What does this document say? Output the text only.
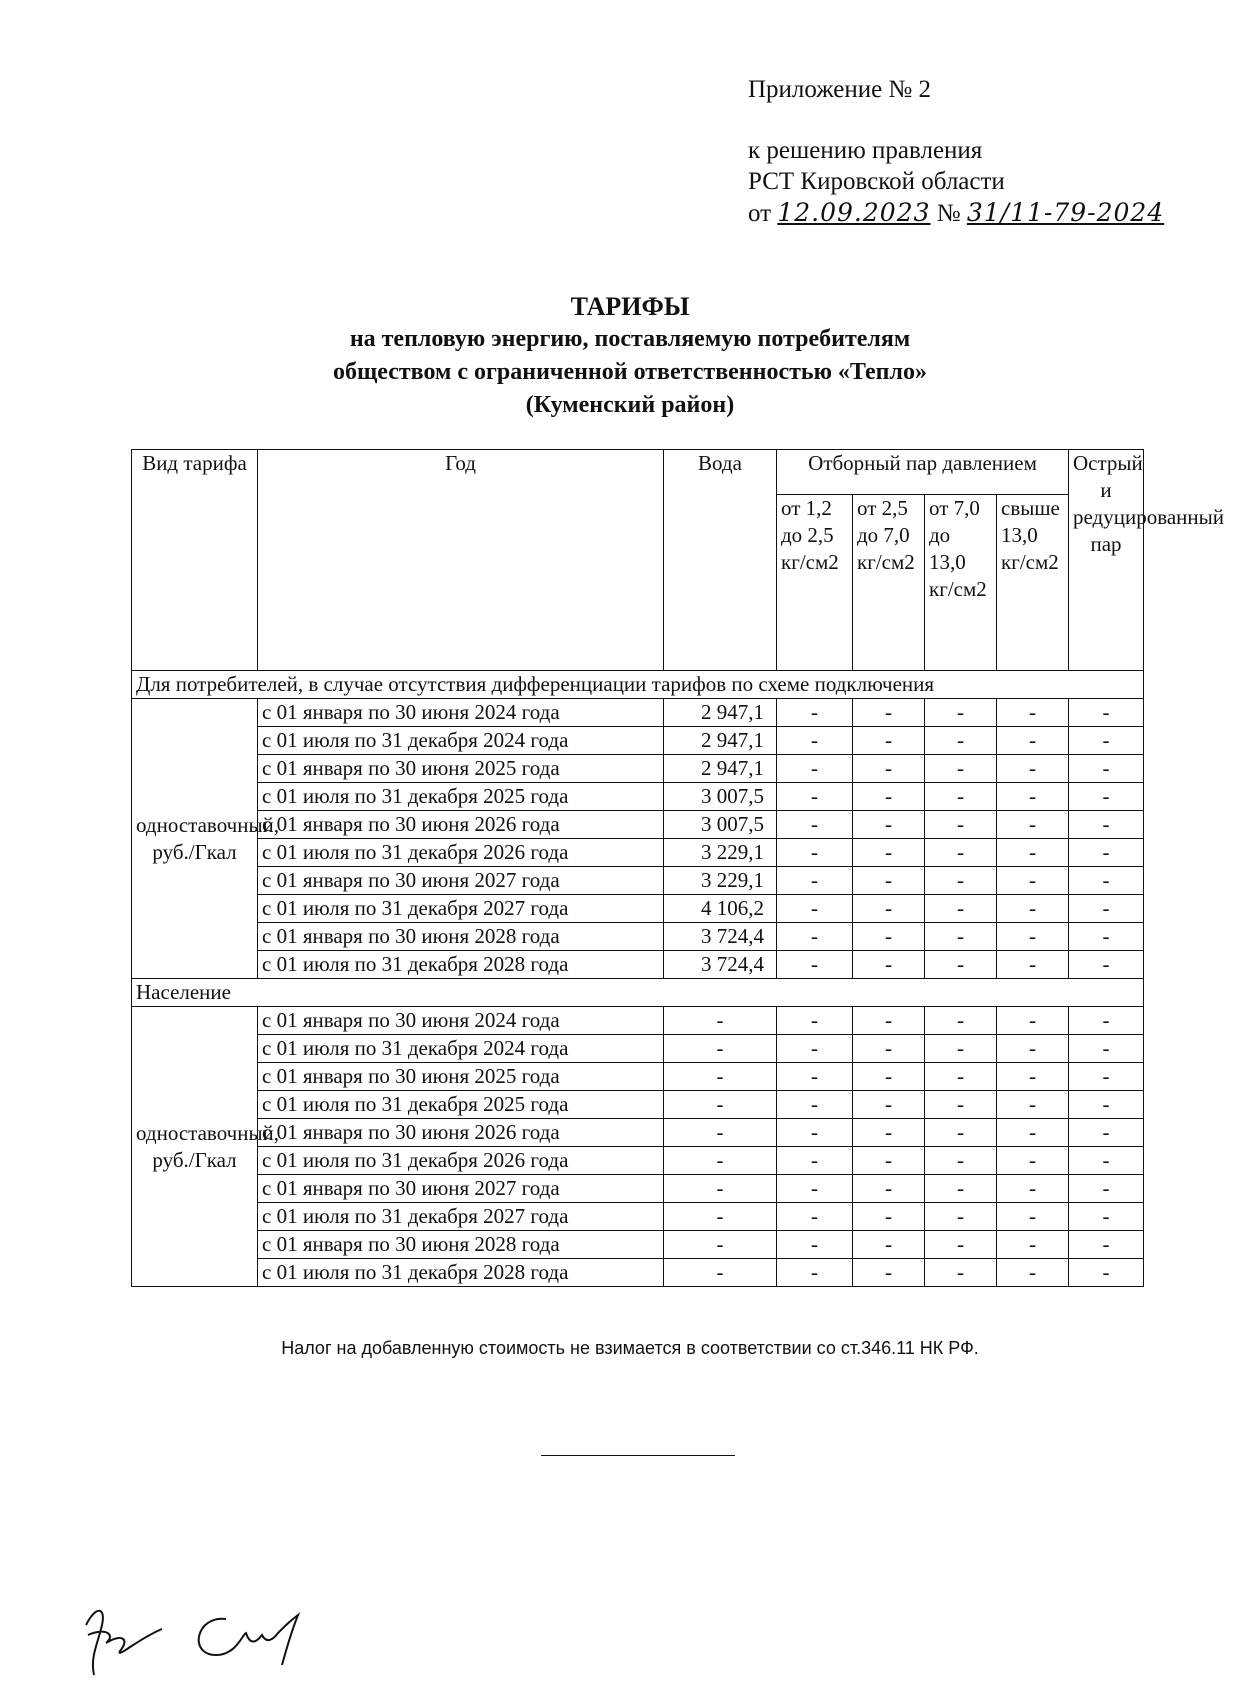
Приложение № 2
к решению правления
РСТ Кировской области
от 12.09.2023 № 31/11-79-2024
ТАРИФЫ
на тепловую энергию, поставляемую потребителям
обществом с ограниченной ответственностью «Тепло»
(Куменский район)
Вид тарифа	Год	Вода	Отборный пар давлением				Острый и редуцированный пар
			от 1,2 до 2,5 кг/см2	от 2,5 до 7,0 кг/см2	от 7,0 до 13,0 кг/см2	свыше 13,0 кг/см2	
Для потребителей, в случае отсутствия дифференциации тарифов по схеме подключения							
одноставочный, руб./Гкал	с 01 января по 30 июня 2024 года	2 947,1	-	-	-	-	-
	с 01 июля по 31 декабря 2024 года	2 947,1	-	-	-	-	-
	с 01 января по 30 июня 2025 года	2 947,1	-	-	-	-	-
	с 01 июля по 31 декабря 2025 года	3 007,5	-	-	-	-	-
	с 01 января по 30 июня 2026 года	3 007,5	-	-	-	-	-
	с 01 июля по 31 декабря 2026 года	3 229,1	-	-	-	-	-
	с 01 января по 30 июня 2027 года	3 229,1	-	-	-	-	-
	с 01 июля по 31 декабря 2027 года	4 106,2	-	-	-	-	-
	с 01 января по 30 июня 2028 года	3 724,4	-	-	-	-	-
	с 01 июля по 31 декабря 2028 года	3 724,4	-	-	-	-	-
Население							
одноставочный, руб./Гкал	с 01 января по 30 июня 2024 года	-	-	-	-	-	-
	с 01 июля по 31 декабря 2024 года	-	-	-	-	-	-
	с 01 января по 30 июня 2025 года	-	-	-	-	-	-
	с 01 июля по 31 декабря 2025 года	-	-	-	-	-	-
	с 01 января по 30 июня 2026 года	-	-	-	-	-	-
	с 01 июля по 31 декабря 2026 года	-	-	-	-	-	-
	с 01 января по 30 июня 2027 года	-	-	-	-	-	-
	с 01 июля по 31 декабря 2027 года	-	-	-	-	-	-
	с 01 января по 30 июня 2028 года	-	-	-	-	-	-
	с 01 июля по 31 декабря 2028 года	-	-	-	-	-	-
Налог на добавленную стоимость не взимается в соответствии со ст.346.11 НК РФ.
